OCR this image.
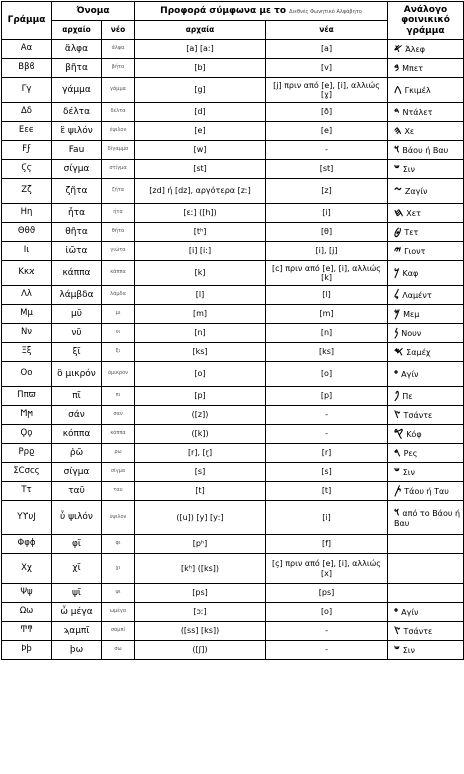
Γράμμα	Όνομα		Προφορά σύμφωνα με το Διεθνές Φωνητικό Αλφάβητο		Ανάλογο φοινικικό γράμμα
	αρχαίο	νέο	αρχαία	νέα	
Αα	ἄλφα	άλφα	[a] [aː]	[a]	𐤀 Άλεφ
Ββϐ	βῆτα	βήτα	[b]	[v]	𐤁 Μπετ
Γγ	γάμμα	γάμμα	[g]	[j] πριν από [e], [i], αλλιώς [ɣ]	𐤂 Γκιμέλ
Δδ	δέλτα	δέλτα	[d]	[ð]	𐤃 Ντάλετ
Εεϵ	ἒ ψιλόν	έψιλον	[e]	[e]	𐤄 Χε
Ϝϝ	Fau	δίγαμμα	[w]	-	𐤅 Βάου ή Βαυ
Ϛϛ	σίγμα	στίγμα	[st]	[st]	𐤔 Σιν
Ζζ	ζῆτα	ζήτα	[zd] ή [dz], αργότερα [zː]	[z]	𐤆 Ζαγίν
Ηη	ἦτα	ήτα	[ɛː] ([h])	[i]	𐤇 Χετ
Θθϑ	θῆτα	θήτα	[tʰ]	[θ]	𐤈 Τετ
Ιι	ἰῶτα	γιώτα	[i] [iː]	[i], [j]	𐤉 Γιοντ
Κκϰ	κάππα	κάππα	[k]	[c] πριν από [e], [i], αλλιώς [k]	𐤊 Καφ
Λλ	λάμβδα	λάμδα	[l]	[l]	𐤋 Λαμέντ
Μμ	μῦ	μι	[m]	[m]	𐤌 Μεμ
Νν	νῦ	νι	[n]	[n]	𐤍 Νουν
Ξξ	ξῖ	ξι	[ks]	[ks]	𐤎 Σαμέχ
Οο	ὂ μικρόν	όμικρον	[o]	[o]	𐤏 Αγίν
Ππϖ	πῖ	πι	[p]	[p]	𐤐 Πε
Ϻϻ	σάν	σαν	([z])	-	𐤑 Τσάντε
Ϙϙ	κόππα	κόππα	([k])	-	𐤒 Κόφ
Ρρϱ	ῥῶ	ρω	[r], [r̥]	[r]	𐤓 Ρες
ΣϹσϲς	σίγμα	σίγμα	[s]	[s]	𐤔 Σιν
Ττ	ταῦ	ταυ	[t]	[t]	𐤕 Τάου ή Ταυ
ΥϒυͿ	ὖ ψιλόν	ύψιλον	([u]) [y] [yː]	[i]	𐤅 από το Βάου ή Βαυ
Φφϕ	φῖ	φι	[pʰ]	[f]	
Χχ	χῖ	χι	[kʰ] ([ks])	[ç] πριν από [e], [i], αλλιώς [x]	
Ψψ	ψῖ	ψι	[ps]	[ps]	
Ωω	ὦ μέγα	ωμέγα	[ɔː]	[o]	𐤏 Αγίν
Ͳͳ	ϡαμπῖ	σαμπί	([ss] [ks])	-	𐤑 Τσάντε
Ϸϸ	ϸω	σω	([ʃ])	-	𐤔 Σιν
